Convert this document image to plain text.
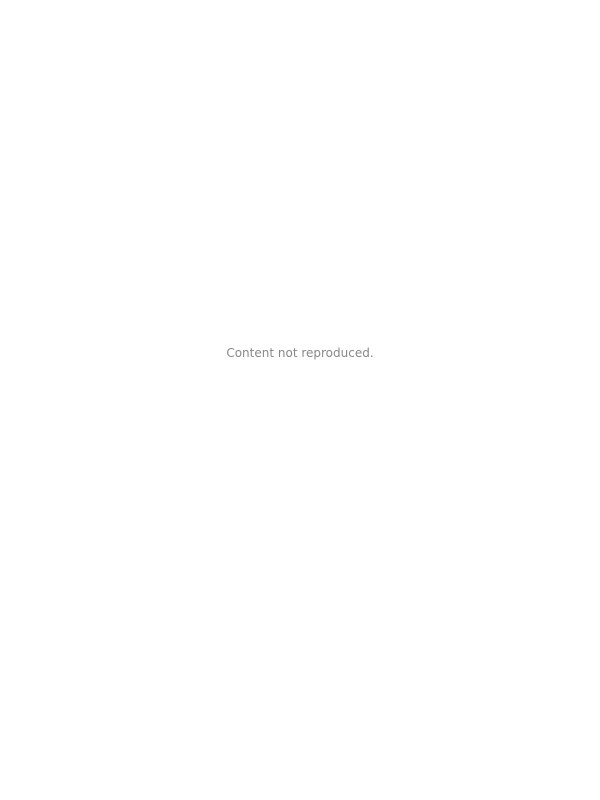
Content not reproduced.
